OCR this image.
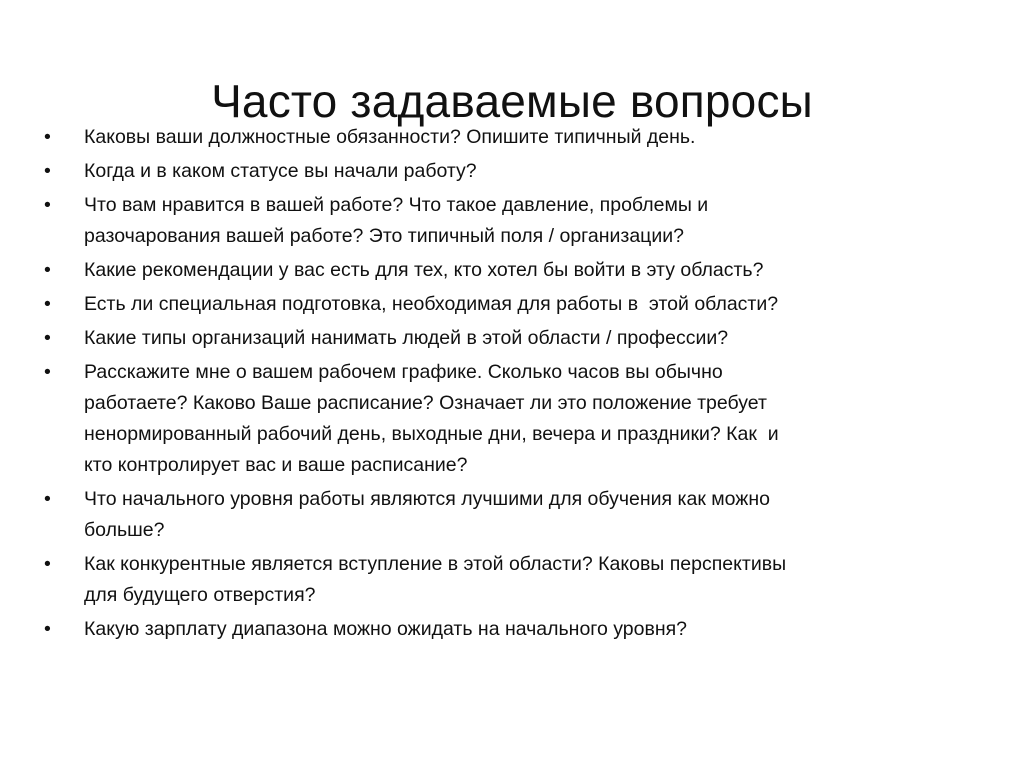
Часто задаваемые вопросы
•	Каковы ваши должностные обязанности? Опишите типичный день.
•	Когда и в каком статусе вы начали работу?
•	Что вам нравится в вашей работе? Что такое давление, проблемы и
разочарования вашей работе? Это типичный поля / организации?
•	Какие рекомендации у вас есть для тех, кто хотел бы войти в эту область?
•	Есть ли специальная подготовка, необходимая для работы в  этой области?
•	Какие типы организаций нанимать людей в этой области / профессии?
•	Расскажите мне о вашем рабочем графике. Сколько часов вы обычно
работаете? Каково Ваше расписание? Означает ли это положение требует
ненормированный рабочий день, выходные дни, вечера и праздники? Как  и
кто контролирует вас и ваше расписание?
•	Что начального уровня работы являются лучшими для обучения как можно
больше?
•	Как конкурентные является вступление в этой области? Каковы перспективы
для будущего отверстия?
•	Какую зарплату диапазона можно ожидать на начального уровня?
